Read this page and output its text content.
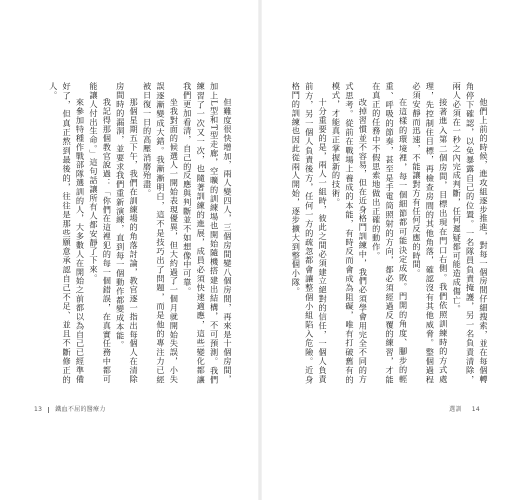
但難度很快增加，兩人變四人，三個房間變八個房間，再來是十個房間，加上L型和T型走廊，空曠的訓練場也開始隨機搭建出結構，不可預測。我們練習了一次又一次，也隨著訓練的進展，成員必須快速適應，這些變化都讓我們更加看清，自己的反應與判斷並不如想像中可靠。

坐我對面的候選人一開始表現優異，但大約過了一個月就開始失誤，小失誤逐漸變成大錯。我漸漸明白，這不是技巧出了問題，而是他的專注力已經被日復一日的高壓消磨殆盡。

那個星期五下午，我們在訓練場的角落討論，教官逐一指出每個人在清除房間時的漏洞，並要求我們重新演練，直到每一個動作都變成本能。

我記得那個教官說過：「你們在這裡犯的每一個錯誤，在真實任務中都可能讓人付出生命。」這句話讓所有人都安靜了下來。

來參加特種作戰部隊選訓的人，大多數人在開始之前都以為自己已經準備好了，但真正熬到最後的，往往是那些願意承認自己不足、並且不斷修正的人。

13 鐵血不屈的醫療力

他們上前的時候，進攻組逐步推進，對每一個房間仔細搜索，並在每個轉角停下確認，以免暴露自己的位置。一名隊員負責掩護，另一名負責清除，兩人必須在一秒之內完成判斷，任何遲疑都可能造成傷亡。

接著進入第二個房間，目標出現在門口右側。我們依照訓練時的方式處理，先控制住目標，再檢查房間的其他角落，確認沒有其他威脅。整個過程必須安靜而迅速，不能讓對方有任何反應的時間。

在這樣的環境裡，每一個細節都可能決定成敗。門開的角度、腳步的輕重、呼吸的節奏，甚至是手電筒照射的方向，都必須經過反覆的練習，才能在真正的任務中不假思索地做出正確的動作。

改掉習慣並不容易，但在近身格鬥訓練中，我們必須學會用完全不同的方式思考。從前在戰場上養成的本能，有時反而會成為阻礙，唯有打破舊有的模式，才能真正掌握新的技術。

十分重要的是，兩人一組時，彼此之間必須建立絕對的信任，一個人負責前方，另一個人負責後方，任何一方的疏忽都會讓整個小組陷入危險。近身格鬥的訓練也因此從兩人開始，逐步擴大到整個小隊。

選訓 14
